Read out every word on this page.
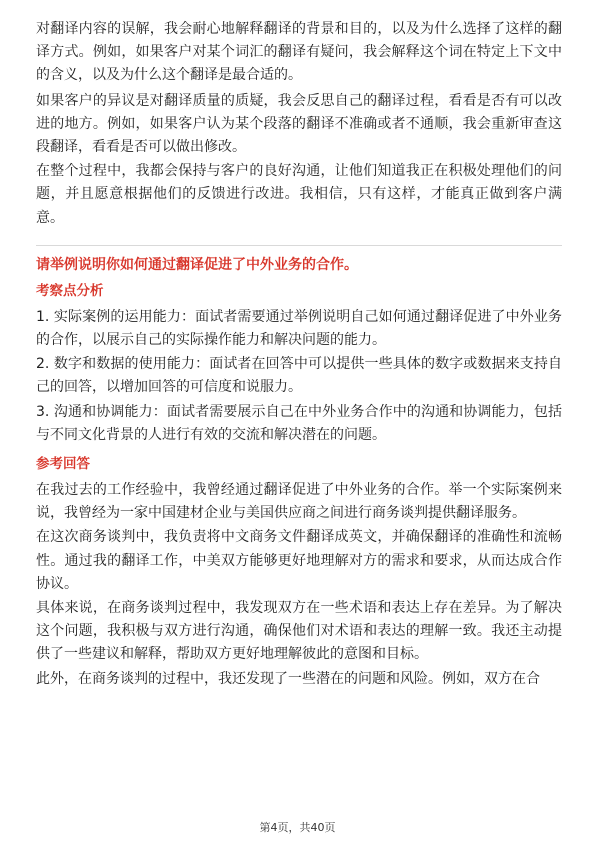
对翻译内容的误解，我会耐心地解释翻译的背景和目的，以及为什么选择了这样的翻译方式。例如，如果客户对某个词汇的翻译有疑问，我会解释这个词在特定上下文中的含义，以及为什么这个翻译是最合适的。

如果客户的异议是对翻译质量的质疑，我会反思自己的翻译过程，看看是否有可以改进的地方。例如，如果客户认为某个段落的翻译不准确或者不通顺，我会重新审查这段翻译，看看是否可以做出修改。

在整个过程中，我都会保持与客户的良好沟通，让他们知道我正在积极处理他们的问题，并且愿意根据他们的反馈进行改进。我相信，只有这样，才能真正做到客户满意。

请举例说明你如何通过翻译促进了中外业务的合作。
考察点分析

1. 实际案例的运用能力：面试者需要通过举例说明自己如何通过翻译促进了中外业务的合作，以展示自己的实际操作能力和解决问题的能力。

2. 数字和数据的使用能力：面试者在回答中可以提供一些具体的数字或数据来支持自己的回答，以增加回答的可信度和说服力。

3. 沟通和协调能力：面试者需要展示自己在中外业务合作中的沟通和协调能力，包括与不同文化背景的人进行有效的交流和解决潜在的问题。

参考回答

在我过去的工作经验中，我曾经通过翻译促进了中外业务的合作。举一个实际案例来说，我曾经为一家中国建材企业与美国供应商之间进行商务谈判提供翻译服务。

在这次商务谈判中，我负责将中文商务文件翻译成英文，并确保翻译的准确性和流畅性。通过我的翻译工作，中美双方能够更好地理解对方的需求和要求，从而达成合作协议。

具体来说，在商务谈判过程中，我发现双方在一些术语和表达上存在差异。为了解决这个问题，我积极与双方进行沟通，确保他们对术语和表达的理解一致。我还主动提供了一些建议和解释，帮助双方更好地理解彼此的意图和目标。

此外，在商务谈判的过程中，我还发现了一些潜在的问题和风险。例如，双方在合

第4页，共40页
